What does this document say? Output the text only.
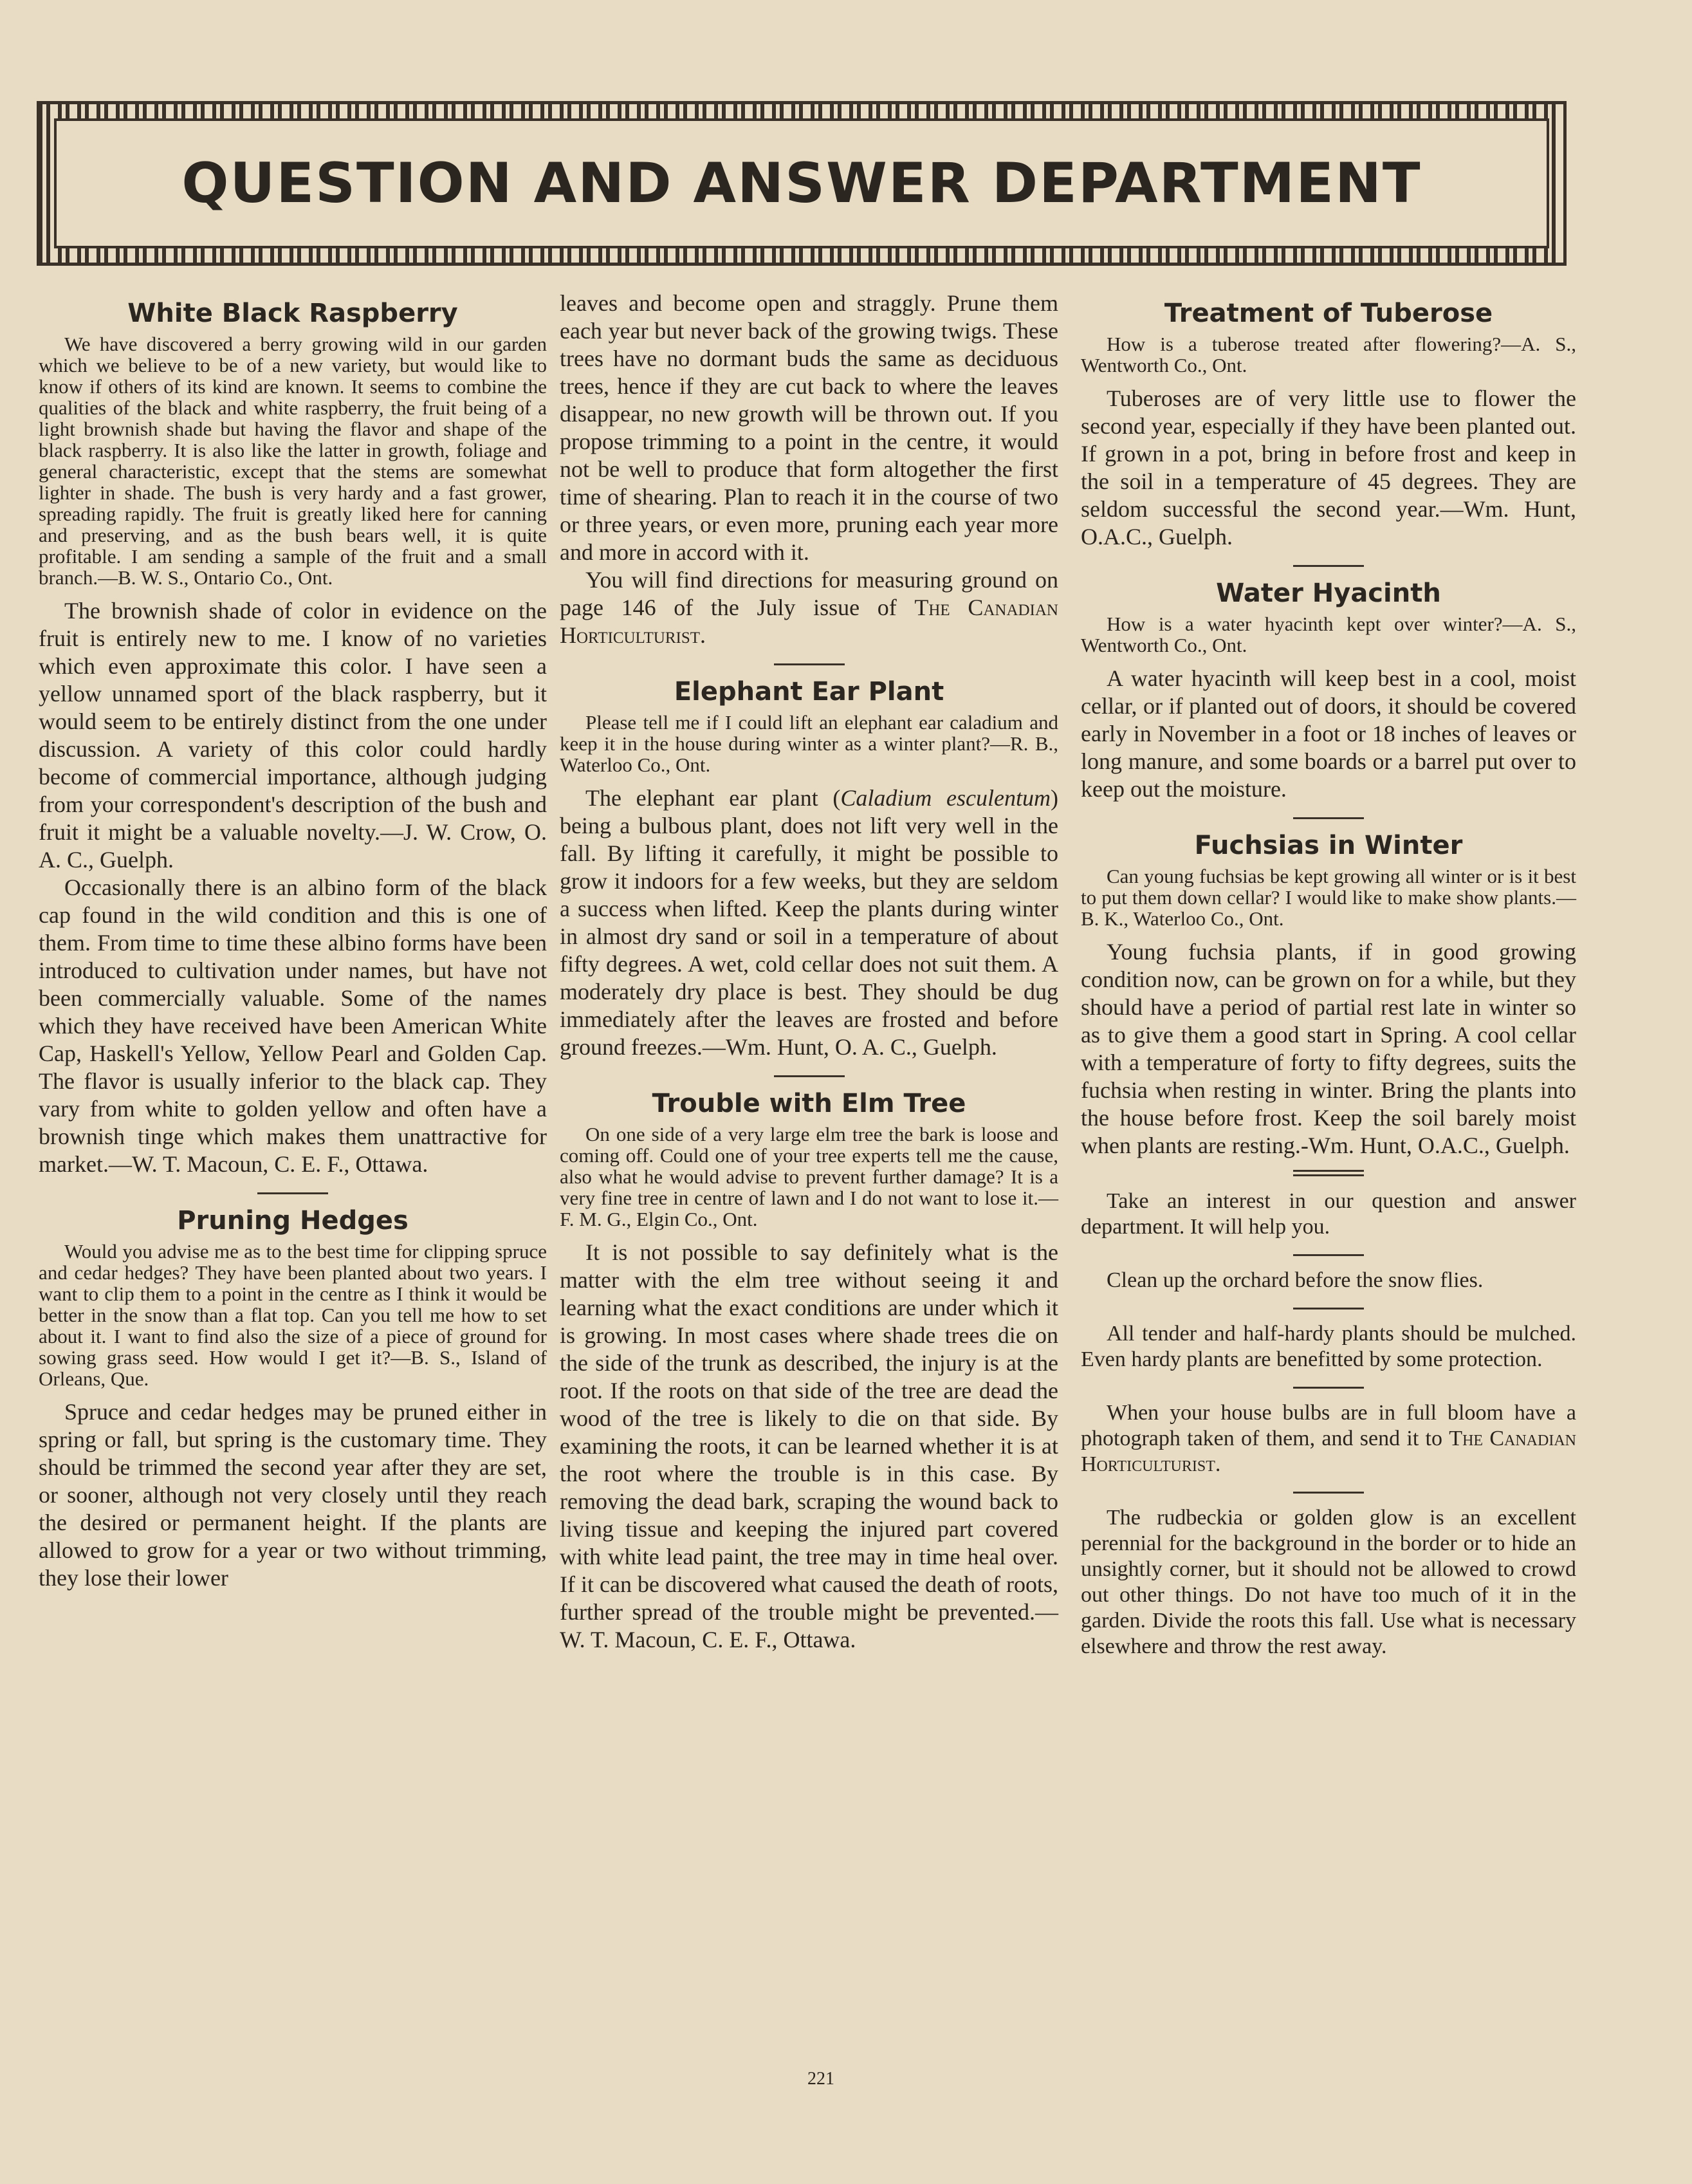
QUESTION AND ANSWER DEPARTMENT
White Black Raspberry

We have discovered a berry growing wild in our garden which we believe to be of a new variety, but would like to know if others of its kind are known. It seems to combine the qualities of the black and white raspberry, the fruit being of a light brownish shade but having the flavor and shape of the black raspberry. It is also like the latter in growth, foliage and general characteristic, except that the stems are somewhat lighter in shade. The bush is very hardy and a fast grower, spreading rapidly. The fruit is greatly liked here for canning and preserving, and as the bush bears well, it is quite profitable. I am sending a sample of the fruit and a small branch.—B. W. S., Ontario Co., Ont.

The brownish shade of color in evidence on the fruit is entirely new to me. I know of no varieties which even approximate this color. I have seen a yellow unnamed sport of the black raspberry, but it would seem to be entirely distinct from the one under discussion. A variety of this color could hardly become of commercial importance, although judging from your correspondent's description of the bush and fruit it might be a valuable novelty.—J. W. Crow, O. A. C., Guelph.

Occasionally there is an albino form of the black cap found in the wild condition and this is one of them. From time to time these albino forms have been introduced to cultivation under names, but have not been commercially valuable. Some of the names which they have received have been American White Cap, Haskell's Yellow, Yellow Pearl and Golden Cap. The flavor is usually inferior to the black cap. They vary from white to golden yellow and often have a brownish tinge which makes them unattractive for market.—W. T. Macoun, C. E. F., Ottawa.

Pruning Hedges

Would you advise me as to the best time for clipping spruce and cedar hedges? They have been planted about two years. I want to clip them to a point in the centre as I think it would be better in the snow than a flat top. Can you tell me how to set about it. I want to find also the size of a piece of ground for sowing grass seed. How would I get it?—B. S., Island of Orleans, Que.

Spruce and cedar hedges may be pruned either in spring or fall, but spring is the customary time. They should be trimmed the second year after they are set, or sooner, although not very closely until they reach the desired or permanent height. If the plants are allowed to grow for a year or two without trimming, they lose their lower

leaves and become open and straggly. Prune them each year but never back of the growing twigs. These trees have no dormant buds the same as deciduous trees, hence if they are cut back to where the leaves disappear, no new growth will be thrown out. If you propose trimming to a point in the centre, it would not be well to produce that form altogether the first time of shearing. Plan to reach it in the course of two or three years, or even more, pruning each year more and more in accord with it.

You will find directions for measuring ground on page 146 of the July issue of The Canadian Horticulturist.

Elephant Ear Plant

Please tell me if I could lift an elephant ear caladium and keep it in the house during winter as a winter plant?—R. B., Waterloo Co., Ont.

The elephant ear plant (Caladium esculentum) being a bulbous plant, does not lift very well in the fall. By lifting it carefully, it might be possible to grow it indoors for a few weeks, but they are seldom a success when lifted. Keep the plants during winter in almost dry sand or soil in a temperature of about fifty degrees. A wet, cold cellar does not suit them. A moderately dry place is best. They should be dug immediately after the leaves are frosted and before ground freezes.—Wm. Hunt, O. A. C., Guelph.

Trouble with Elm Tree

On one side of a very large elm tree the bark is loose and coming off. Could one of your tree experts tell me the cause, also what he would advise to prevent further damage? It is a very fine tree in centre of lawn and I do not want to lose it.—F. M. G., Elgin Co., Ont.

It is not possible to say definitely what is the matter with the elm tree without seeing it and learning what the exact conditions are under which it is growing. In most cases where shade trees die on the side of the trunk as described, the injury is at the root. If the roots on that side of the tree are dead the wood of the tree is likely to die on that side. By examining the roots, it can be learned whether it is at the root where the trouble is in this case. By removing the dead bark, scraping the wound back to living tissue and keeping the injured part covered with white lead paint, the tree may in time heal over. If it can be discovered what caused the death of roots, further spread of the trouble might be prevented.—W. T. Macoun, C. E. F., Ottawa.

Treatment of Tuberose

How is a tuberose treated after flowering?—A. S., Wentworth Co., Ont.

Tuberoses are of very little use to flower the second year, especially if they have been planted out. If grown in a pot, bring in before frost and keep in the soil in a temperature of 45 degrees. They are seldom successful the second year.—Wm. Hunt, O.A.C., Guelph.

Water Hyacinth

How is a water hyacinth kept over winter?—A. S., Wentworth Co., Ont.

A water hyacinth will keep best in a cool, moist cellar, or if planted out of doors, it should be covered early in November in a foot or 18 inches of leaves or long manure, and some boards or a barrel put over to keep out the moisture.

Fuchsias in Winter

Can young fuchsias be kept growing all winter or is it best to put them down cellar? I would like to make show plants.—B. K., Waterloo Co., Ont.

Young fuchsia plants, if in good growing condition now, can be grown on for a while, but they should have a period of partial rest late in winter so as to give them a good start in Spring. A cool cellar with a temperature of forty to fifty degrees, suits the fuchsia when resting in winter. Bring the plants into the house before frost. Keep the soil barely moist when plants are resting.-Wm. Hunt, O.A.C., Guelph.

Take an interest in our question and answer department. It will help you.

Clean up the orchard before the snow flies.

All tender and half-hardy plants should be mulched. Even hardy plants are benefitted by some protection.

When your house bulbs are in full bloom have a photograph taken of them, and send it to The Canadian Horticulturist.

The rudbeckia or golden glow is an excellent perennial for the background in the border or to hide an unsightly corner, but it should not be allowed to crowd out other things. Do not have too much of it in the garden. Divide the roots this fall. Use what is necessary elsewhere and throw the rest away.

221
